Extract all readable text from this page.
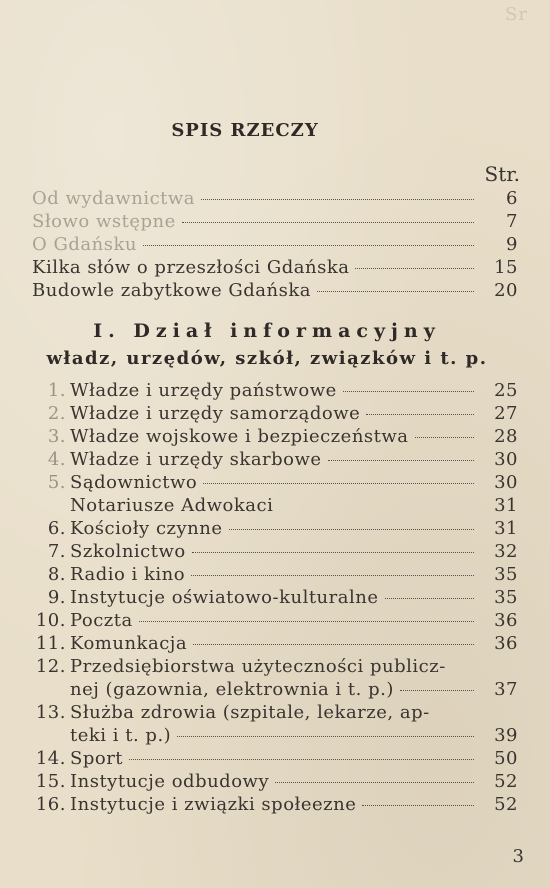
Sr
SPIS RZECZY
Str.
Od wydawnictwa	6
Słowo wstępne	7
O Gdańsku	9
Kilka słów o przeszłości Gdańska	15
Budowle zabytkowe Gdańska	20
I. Dział informacyjny
władz, urzędów, szkół, związków i t. p.
1. Władze i urzędy państwowe	25
2. Władze i urzędy samorządowe	27
3. Władze wojskowe i bezpieczeństwa	28
4. Władze i urzędy skarbowe	30
5. Sądownictwo	30
Notariusze Adwokaci	31
6. Kościoły czynne	31
7. Szkolnictwo	32
8. Radio i kino	35
9. Instytucje oświatowo-kulturalne	35
10. Poczta	36
11. Komunkacja	36
12. Przedsiębiorstwa użyteczności publicz-
nej (gazownia, elektrownia i t. p.)	37
13. Służba zdrowia (szpitale, lekarze, ap-
teki i t. p.)	39
14. Sport	50
15. Instytucje odbudowy	52
16. Instytucje i związki społeezne	52
3
